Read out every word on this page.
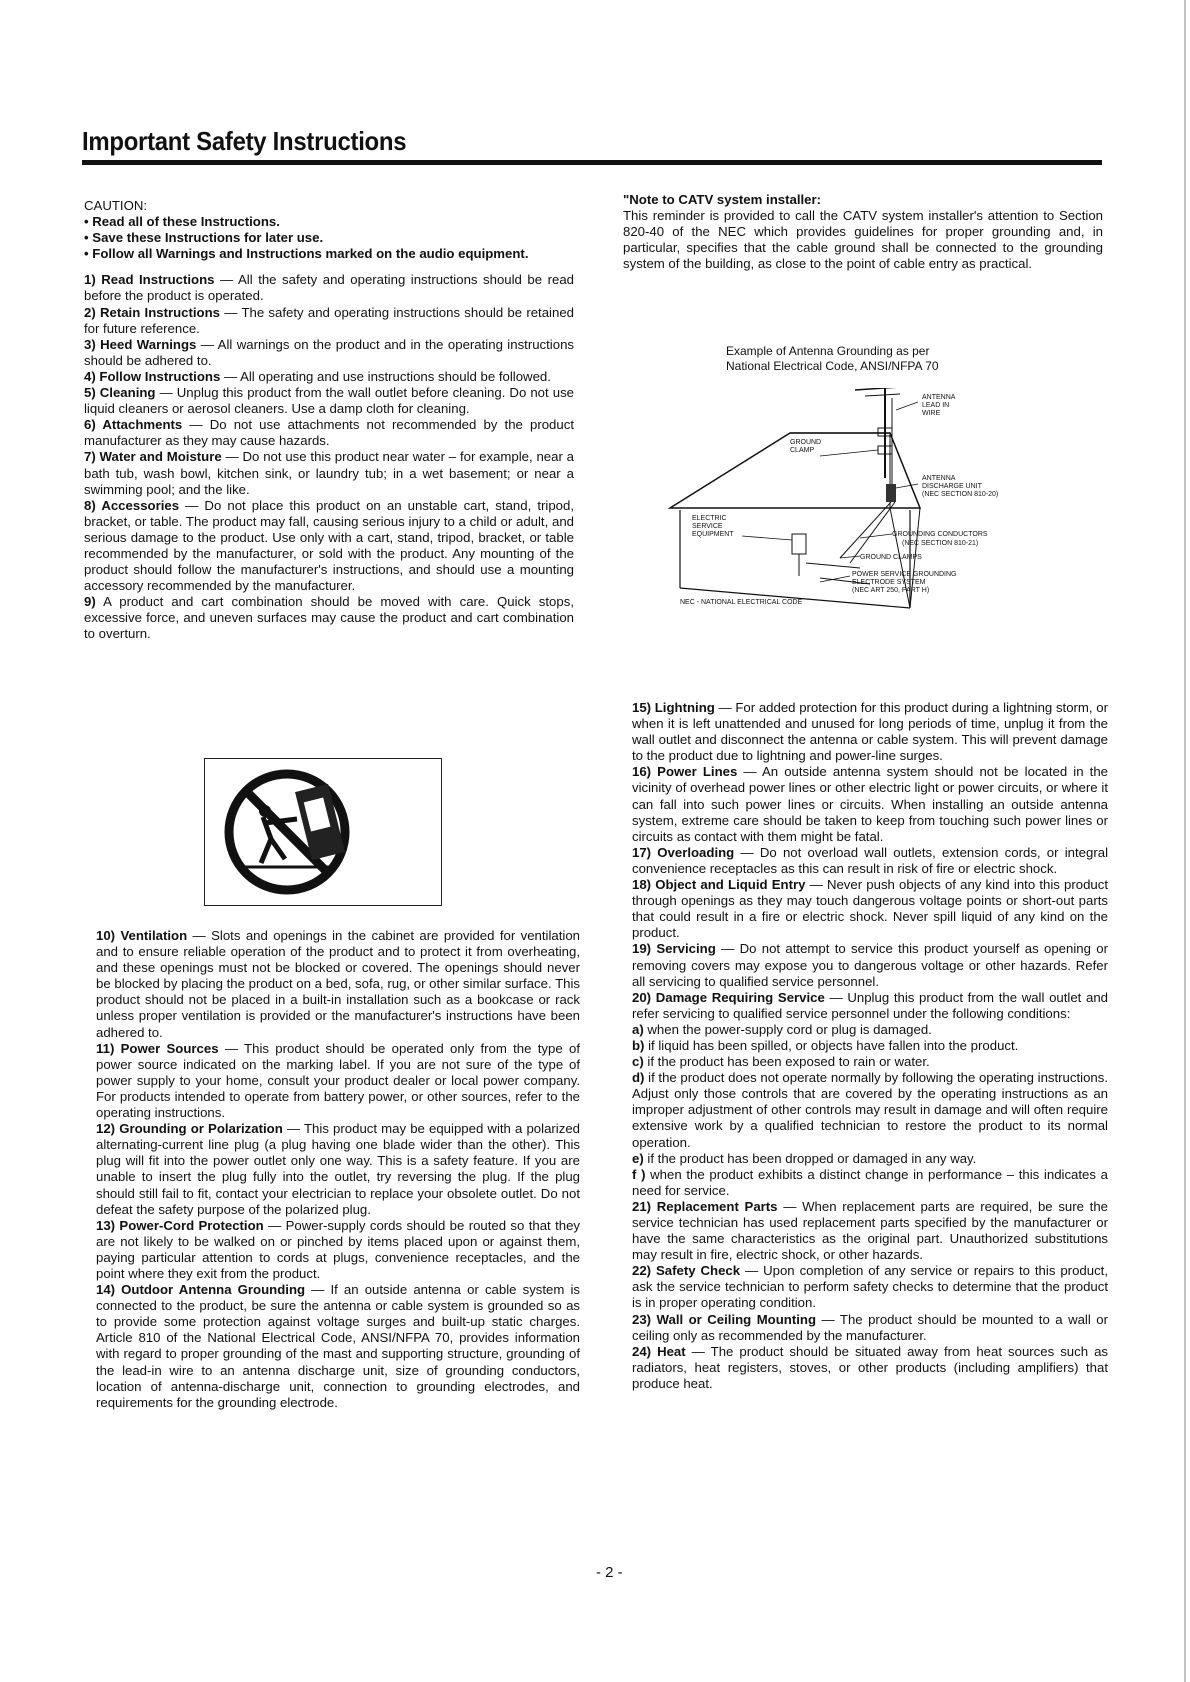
Important Safety Instructions

CAUTION:

• Read all of these Instructions.

• Save these Instructions for later use.

• Follow all Warnings and Instructions marked on the audio equipment.

1) Read Instructions — All the safety and operating instructions should be read before the product is operated.

2) Retain Instructions — The safety and operating instructions should be retained for future reference.

3) Heed Warnings — All warnings on the product and in the operating instructions should be adhered to.

4) Follow Instructions — All operating and use instructions should be followed.

5) Cleaning — Unplug this product from the wall outlet before cleaning. Do not use liquid cleaners or aerosol cleaners. Use a damp cloth for cleaning.

6) Attachments — Do not use attachments not recommended by the product manufacturer as they may cause hazards.

7) Water and Moisture — Do not use this product near water – for example, near a bath tub, wash bowl, kitchen sink, or laundry tub; in a wet basement; or near a swimming pool; and the like.

8) Accessories — Do not place this product on an unstable cart, stand, tripod, bracket, or table. The product may fall, causing serious injury to a child or adult, and serious damage to the product. Use only with a cart, stand, tripod, bracket, or table recommended by the manufacturer, or sold with the product. Any mounting of the product should follow the manufacturer's instructions, and should use a mounting accessory recommended by the manufacturer.

9) A product and cart combination should be moved with care. Quick stops, excessive force, and uneven surfaces may cause the product and cart combination to overturn.

10) Ventilation — Slots and openings in the cabinet are provided for ventilation and to ensure reliable operation of the product and to protect it from overheating, and these openings must not be blocked or covered. The openings should never be blocked by placing the product on a bed, sofa, rug, or other similar surface. This product should not be placed in a built-in installation such as a bookcase or rack unless proper ventilation is provided or the manufacturer's instructions have been adhered to.

11) Power Sources — This product should be operated only from the type of power source indicated on the marking label. If you are not sure of the type of power supply to your home, consult your product dealer or local power company. For products intended to operate from battery power, or other sources, refer to the operating instructions.

12) Grounding or Polarization — This product may be equipped with a polarized alternating-current line plug (a plug having one blade wider than the other). This plug will fit into the power outlet only one way. This is a safety feature. If you are unable to insert the plug fully into the outlet, try reversing the plug. If the plug should still fail to fit, contact your electrician to replace your obsolete outlet. Do not defeat the safety purpose of the polarized plug.

13) Power-Cord Protection — Power-supply cords should be routed so that they are not likely to be walked on or pinched by items placed upon or against them, paying particular attention to cords at plugs, convenience receptacles, and the point where they exit from the product.

14) Outdoor Antenna Grounding — If an outside antenna or cable system is connected to the product, be sure the antenna or cable system is grounded so as to provide some protection against voltage surges and built-up static charges. Article 810 of the National Electrical Code, ANSI/NFPA 70, provides information with regard to proper grounding of the mast and supporting structure, grounding of the lead-in wire to an antenna discharge unit, size of grounding conductors, location of antenna-discharge unit, connection to grounding electrodes, and requirements for the grounding electrode.

"Note to CATV system installer:

This reminder is provided to call the CATV system installer's attention to Section 820-40 of the NEC which provides guidelines for proper grounding and, in particular, specifies that the cable ground shall be connected to the grounding system of the building, as close to the point of cable entry as practical.

Example of Antenna Grounding as per
National Electrical Code, ANSI/NFPA 70
ANTENNA
LEAD IN
WIRE
GROUND
CLAMP
ANTENNA
DISCHARGE UNIT
(NEC SECTION 810-20)
ELECTRIC
SERVICE
EQUIPMENT	GROUNDING CONDUCTORS
(NEC SECTION 810-21)
GROUND CLAMPS
POWER SERVICE GROUNDING
ELECTRODE SYSTEM
(NEC ART 250, PART H)
NEC - NATIONAL ELECTRICAL CODE

15) Lightning — For added protection for this product during a lightning storm, or when it is left unattended and unused for long periods of time, unplug it from the wall outlet and disconnect the antenna or cable system. This will prevent damage to the product due to lightning and power-line surges.

16) Power Lines — An outside antenna system should not be located in the vicinity of overhead power lines or other electric light or power circuits, or where it can fall into such power lines or circuits. When installing an outside antenna system, extreme care should be taken to keep from touching such power lines or circuits as contact with them might be fatal.

17) Overloading — Do not overload wall outlets, extension cords, or integral convenience receptacles as this can result in risk of fire or electric shock.

18) Object and Liquid Entry — Never push objects of any kind into this product through openings as they may touch dangerous voltage points or short-out parts that could result in a fire or electric shock. Never spill liquid of any kind on the product.

19) Servicing — Do not attempt to service this product yourself as opening or removing covers may expose you to dangerous voltage or other hazards. Refer all servicing to qualified service personnel.

20) Damage Requiring Service — Unplug this product from the wall outlet and refer servicing to qualified service personnel under the following conditions:

a) when the power-supply cord or plug is damaged.

b) if liquid has been spilled, or objects have fallen into the product.

c) if the product has been exposed to rain or water.

d) if the product does not operate normally by following the operating instructions. Adjust only those controls that are covered by the operating instructions as an improper adjustment of other controls may result in damage and will often require extensive work by a qualified technician to restore the product to its normal operation.

e) if the product has been dropped or damaged in any way.

f ) when the product exhibits a distinct change in performance – this indicates a need for service.

21) Replacement Parts — When replacement parts are required, be sure the service technician has used replacement parts specified by the manufacturer or have the same characteristics as the original part. Unauthorized substitutions may result in fire, electric shock, or other hazards.

22) Safety Check — Upon completion of any service or repairs to this product, ask the service technician to perform safety checks to determine that the product is in proper operating condition.

23) Wall or Ceiling Mounting — The product should be mounted to a wall or ceiling only as recommended by the manufacturer.

24) Heat — The product should be situated away from heat sources such as radiators, heat registers, stoves, or other products (including amplifiers) that produce heat.

- 2 -
